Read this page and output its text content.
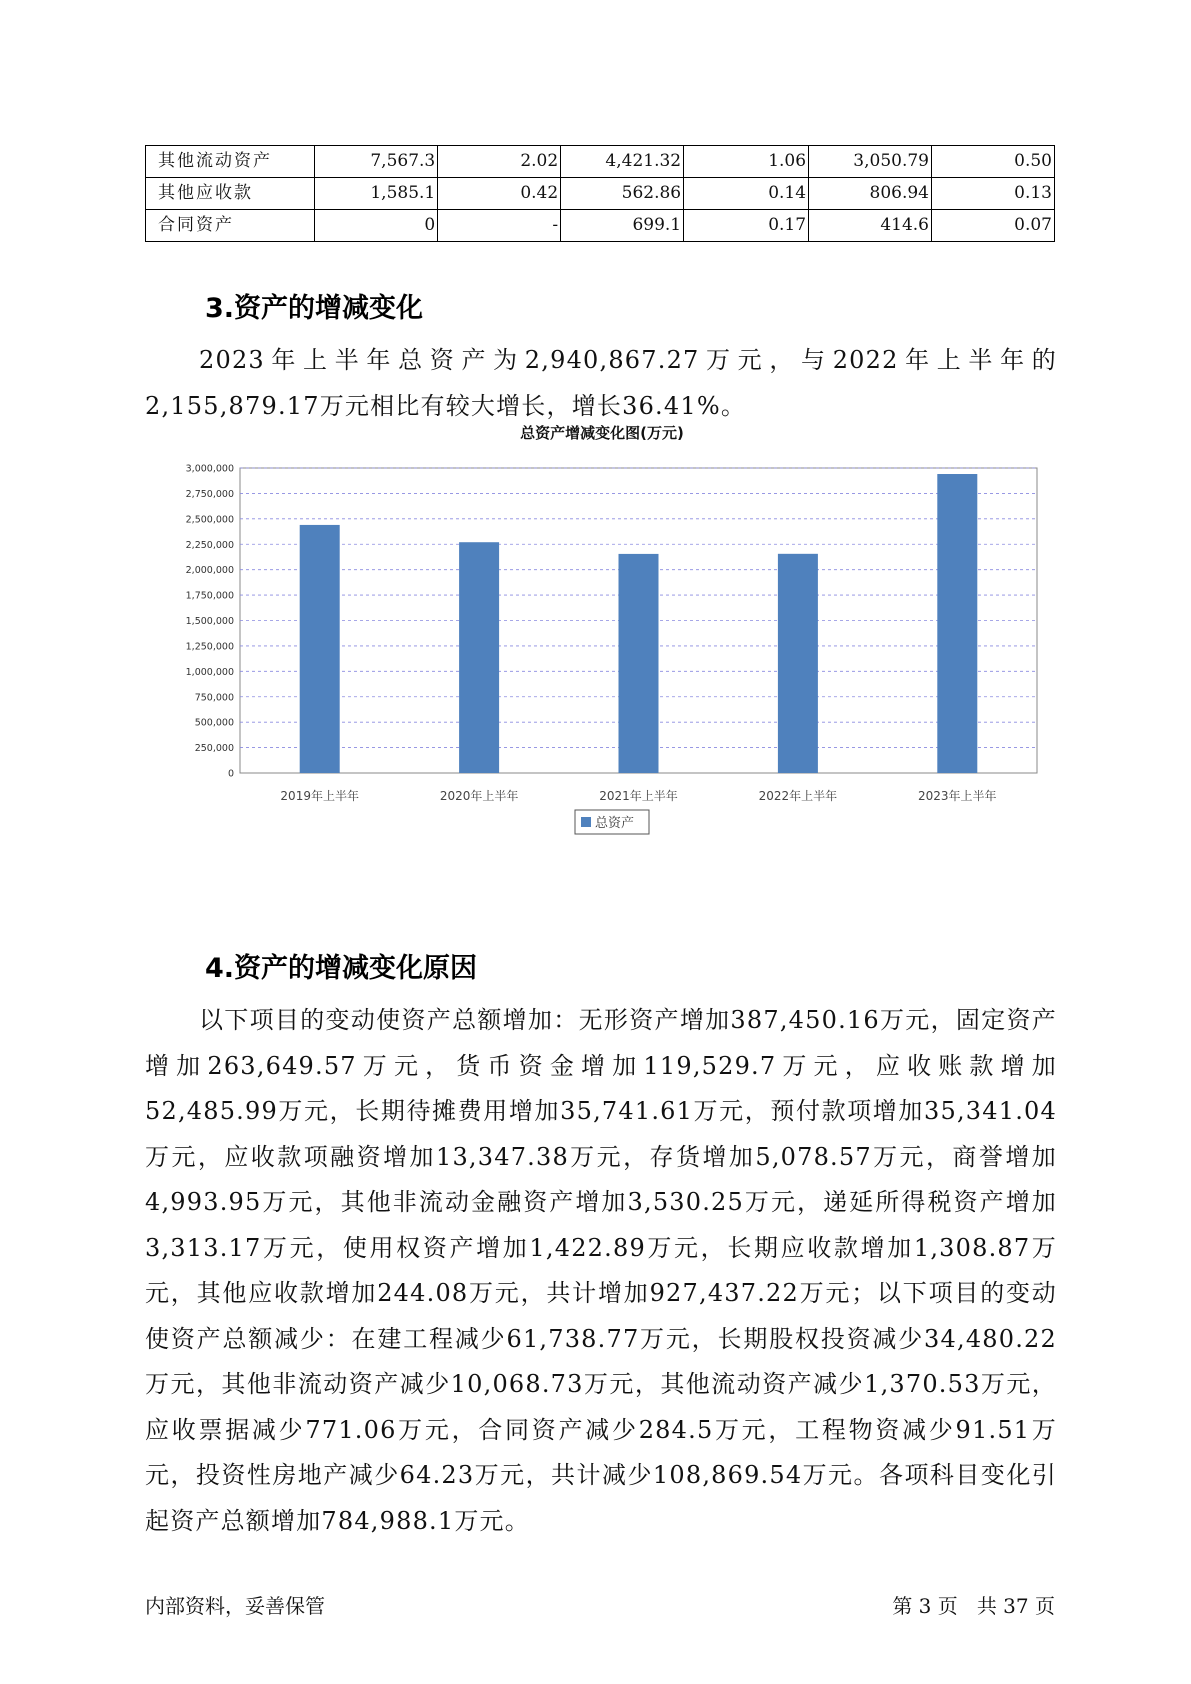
其他流动资产	7,567.3	2.02	4,421.32	1.06	3,050.79	0.50
其他应收款	1,585.1	0.42	562.86	0.14	806.94	0.13
合同资产	0	-	699.1	0.17	414.6	0.07
3.资产的增减变化

2023年上半年总资产为2,940,867.27万元，与2022年上半年的2,155,879.17万元相比有较大增长，增长36.41%。

总资产增减变化图(万元)
0
250,000
500,000
750,000
1,000,000
1,250,000
1,500,000
1,750,000
2,000,000
2,250,000
2,500,000
2,750,000
3,000,000
2019年上半年	2020年上半年	2021年上半年	2022年上半年	2023年上半年
总资产
4.资产的增减变化原因

以下项目的变动使资产总额增加：无形资产增加387,450.16万元，固定资产增加263,649.57万元，货币资金增加119,529.7万元，应收账款增加52,485.99万元，长期待摊费用增加35,741.61万元，预付款项增加35,341.04万元，应收款项融资增加13,347.38万元，存货增加5,078.57万元，商誉增加4,993.95万元，其他非流动金融资产增加3,530.25万元，递延所得税资产增加3,313.17万元，使用权资产增加1,422.89万元，长期应收款增加1,308.87万元，其他应收款增加244.08万元，共计增加927,437.22万元；以下项目的变动使资产总额减少：在建工程减少61,738.77万元，长期股权投资减少34,480.22万元，其他非流动资产减少10,068.73万元，其他流动资产减少1,370.53万元，应收票据减少771.06万元，合同资产减少284.5万元，工程物资减少91.51万元，投资性房地产减少64.23万元，共计减少108,869.54万元。各项科目变化引起资产总额增加784,988.1万元。

内部资料，妥善保管	第 3 页   共 37 页
